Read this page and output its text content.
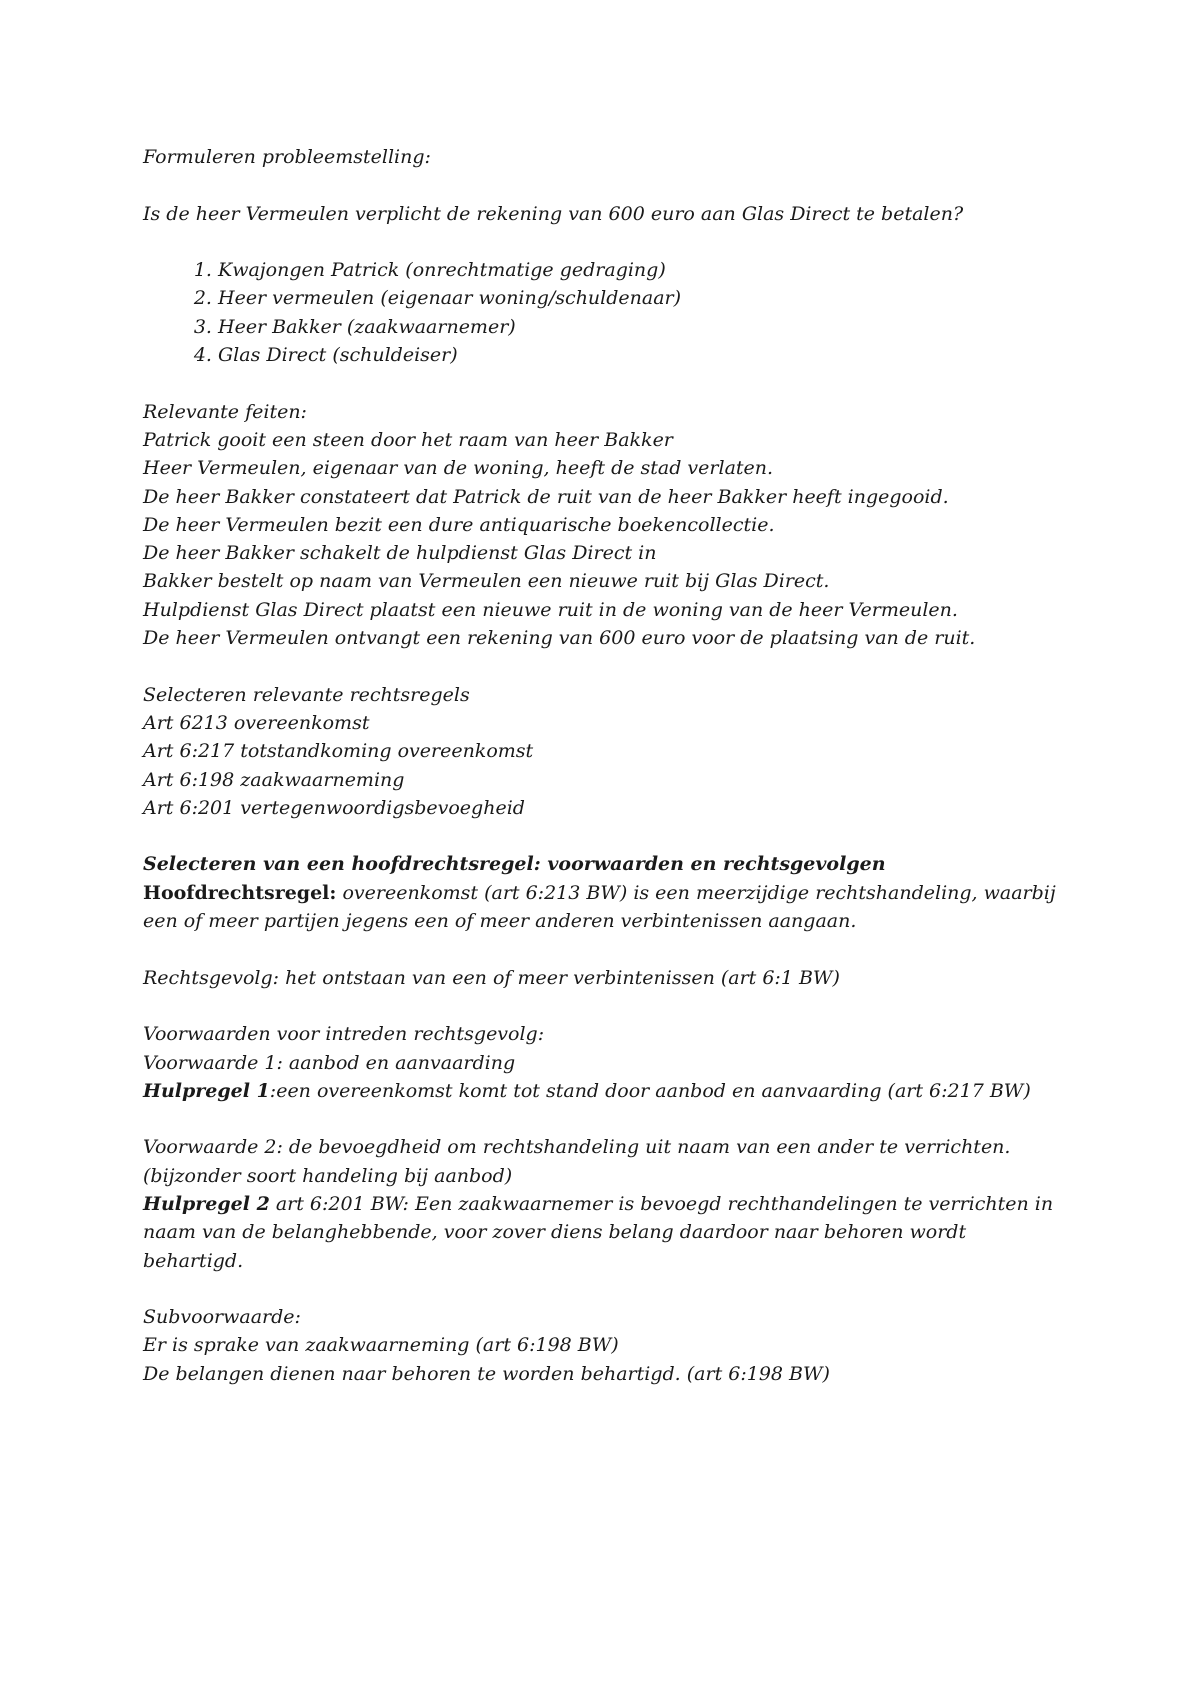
Formuleren probleemstelling:

Is de heer Vermeulen verplicht de rekening van 600 euro aan Glas Direct te betalen?

1. Kwajongen Patrick (onrechtmatige gedraging)
2. Heer vermeulen (eigenaar woning/schuldenaar)
3. Heer Bakker (zaakwaarnemer)
4. Glas Direct (schuldeiser)

Relevante feiten:
Patrick gooit een steen door het raam van heer Bakker
Heer Vermeulen, eigenaar van de woning, heeft de stad verlaten.
De heer Bakker constateert dat Patrick de ruit van de heer Bakker heeft ingegooid.
De heer Vermeulen bezit een dure antiquarische boekencollectie.
De heer Bakker schakelt de hulpdienst Glas Direct in
Bakker bestelt op naam van Vermeulen een nieuwe ruit bij Glas Direct.
Hulpdienst Glas Direct plaatst een nieuwe ruit in de woning van de heer Vermeulen.
De heer Vermeulen ontvangt een rekening van 600 euro voor de plaatsing van de ruit.

Selecteren relevante rechtsregels
Art 6213 overeenkomst
Art 6:217 totstandkoming overeenkomst
Art 6:198 zaakwaarneming
Art 6:201 vertegenwoordigsbevoegheid

Selecteren van een hoofdrechtsregel: voorwaarden en rechtsgevolgen
Hoofdrechtsregel: overeenkomst (art 6:213 BW) is een meerzijdige rechtshandeling, waarbij een of meer partijen jegens een of meer anderen verbintenissen aangaan.

Rechtsgevolg: het ontstaan van een of meer verbintenissen (art 6:1 BW)

Voorwaarden voor intreden rechtsgevolg:
Voorwaarde 1: aanbod en aanvaarding
Hulpregel 1:een overeenkomst komt tot stand door aanbod en aanvaarding (art 6:217 BW)

Voorwaarde 2: de bevoegdheid om rechtshandeling uit naam van een ander te verrichten.
(bijzonder soort handeling bij aanbod)
Hulpregel 2 art 6:201 BW: Een zaakwaarnemer is bevoegd rechthandelingen te verrichten in naam van de belanghebbende, voor zover diens belang daardoor naar behoren wordt behartigd.

Subvoorwaarde:
Er is sprake van zaakwaarneming (art 6:198 BW)
De belangen dienen naar behoren te worden behartigd. (art 6:198 BW)
